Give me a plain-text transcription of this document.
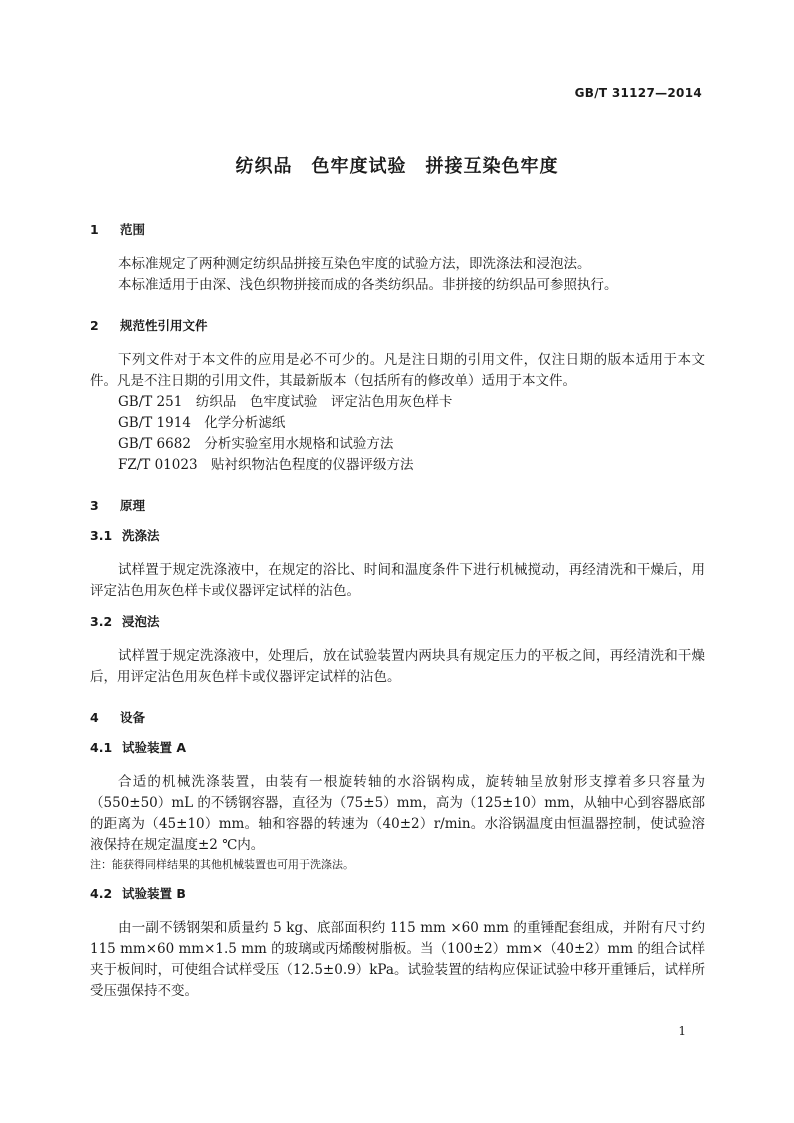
GB/T 31127—2014
纺织品　色牢度试验　拼接互染色牢度
1 范围

本标准规定了两种测定纺织品拼接互染色牢度的试验方法，即洗涤法和浸泡法。

本标准适用于由深、浅色织物拼接而成的各类纺织品。非拼接的纺织品可参照执行。

2 规范性引用文件

下列文件对于本文件的应用是必不可少的。凡是注日期的引用文件，仅注日期的版本适用于本文件。凡是不注日期的引用文件，其最新版本（包括所有的修改单）适用于本文件。

GB/T 251　纺织品　色牢度试验　评定沾色用灰色样卡

GB/T 1914　化学分析滤纸

GB/T 6682　分析实验室用水规格和试验方法

FZ/T 01023　贴衬织物沾色程度的仪器评级方法

3 原理
3.1 洗涤法

试样置于规定洗涤液中，在规定的浴比、时间和温度条件下进行机械搅动，再经清洗和干燥后，用评定沾色用灰色样卡或仪器评定试样的沾色。

3.2 浸泡法

试样置于规定洗涤液中，处理后，放在试验装置内两块具有规定压力的平板之间，再经清洗和干燥后，用评定沾色用灰色样卡或仪器评定试样的沾色。

4 设备
4.1 试验装置 A

合适的机械洗涤装置，由装有一根旋转轴的水浴锅构成，旋转轴呈放射形支撑着多只容量为（550±50）mL 的不锈钢容器，直径为（75±5）mm，高为（125±10）mm，从轴中心到容器底部的距离为（45±10）mm。轴和容器的转速为（40±2）r/min。水浴锅温度由恒温器控制，使试验溶液保持在规定温度±2 ℃内。

注：能获得同样结果的其他机械装置也可用于洗涤法。
4.2 试验装置 B

由一副不锈钢架和质量约 5 kg、底部面积约 115 mm ×60 mm 的重锤配套组成，并附有尺寸约 115 mm×60 mm×1.5 mm 的玻璃或丙烯酸树脂板。当（100±2）mm×（40±2）mm 的组合试样夹于板间时，可使组合试样受压（12.5±0.9）kPa。试验装置的结构应保证试验中移开重锤后，试样所受压强保持不变。

1
